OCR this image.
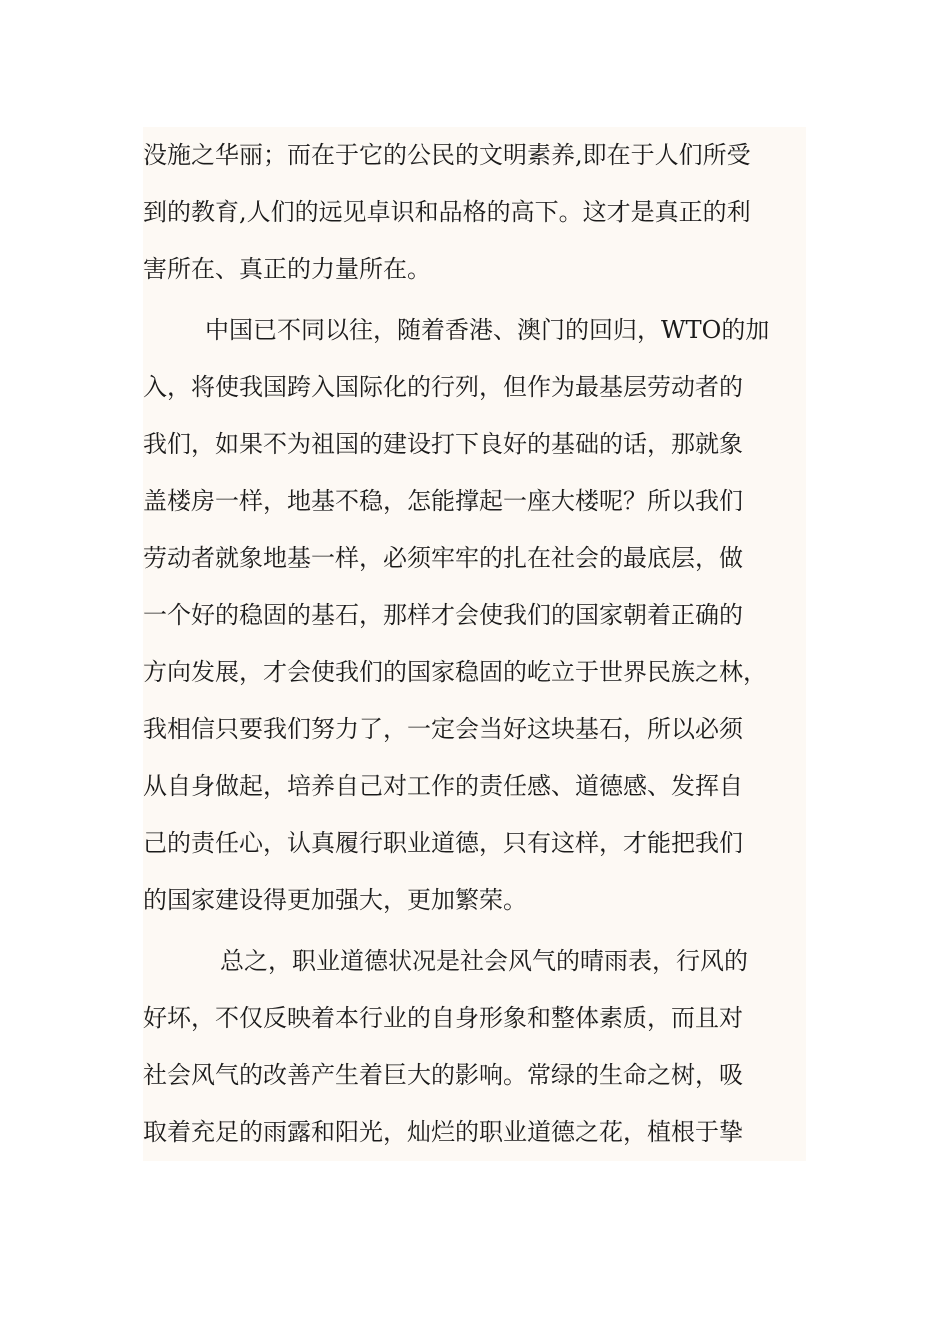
没施之华丽；而在于它的公民的文明素养,即在于人们所受
到的教育,人们的远见卓识和品格的高下。这才是真正的利
害所在、真正的力量所在。
中国已不同以往，随着香港、澳门的回归，WTO的加
入，将使我国跨入国际化的行列，但作为最基层劳动者的
我们，如果不为祖国的建设打下良好的基础的话，那就象
盖楼房一样，地基不稳，怎能撑起一座大楼呢？所以我们
劳动者就象地基一样，必须牢牢的扎在社会的最底层，做
一个好的稳固的基石，那样才会使我们的国家朝着正确的
方向发展，才会使我们的国家稳固的屹立于世界民族之林，
我相信只要我们努力了，一定会当好这块基石，所以必须
从自身做起，培养自己对工作的责任感、道德感、发挥自
己的责任心，认真履行职业道德，只有这样，才能把我们
的国家建设得更加强大，更加繁荣。
总之，职业道德状况是社会风气的晴雨表，行风的
好坏，不仅反映着本行业的自身形象和整体素质，而且对
社会风气的改善产生着巨大的影响。常绿的生命之树，吸
取着充足的雨露和阳光，灿烂的职业道德之花，植根于挚
